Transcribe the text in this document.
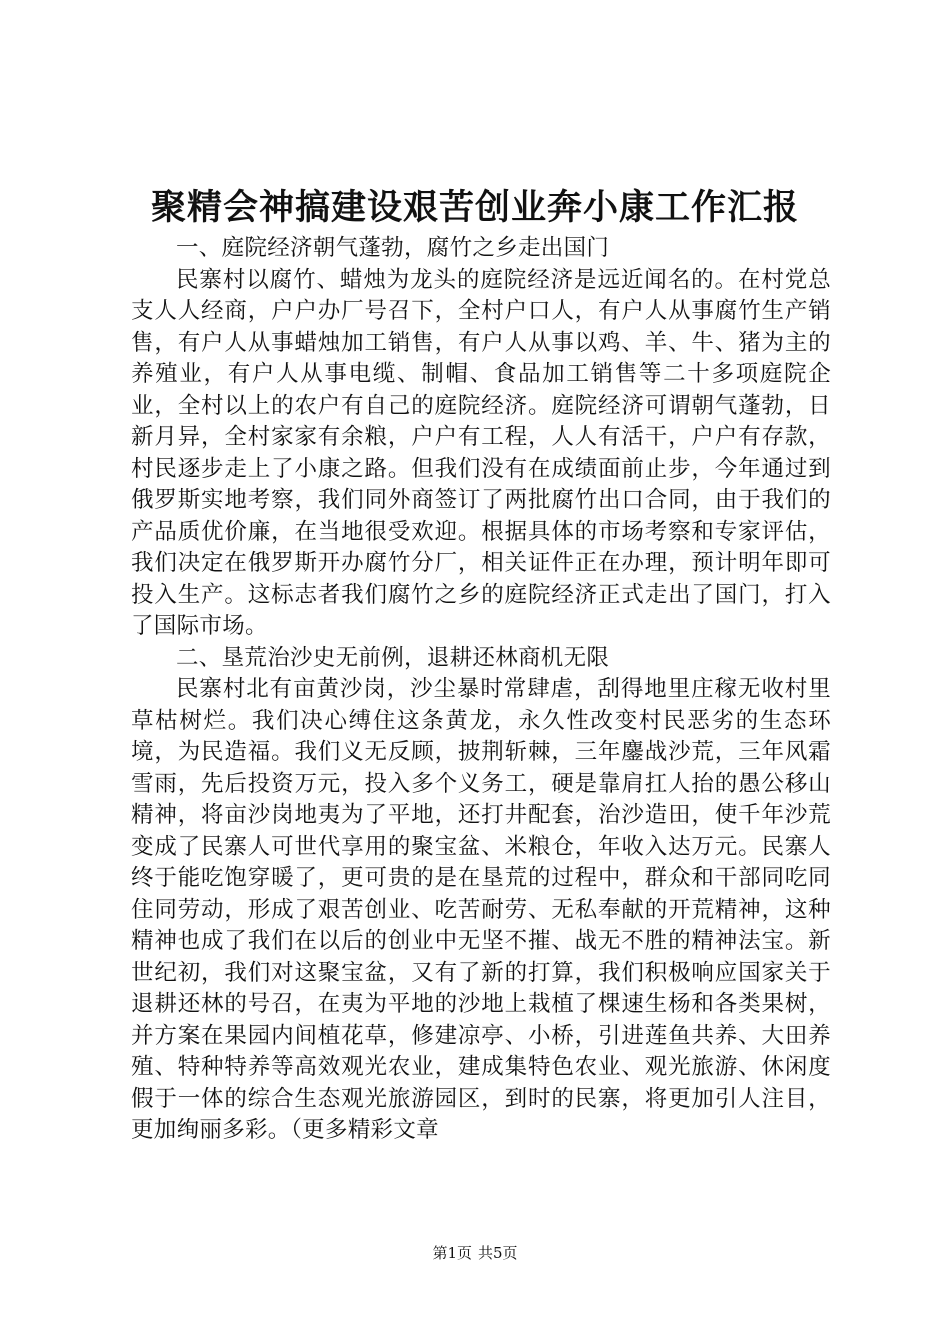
聚精会神搞建设艰苦创业奔小康工作汇报

一、庭院经济朝气蓬勃，腐竹之乡走出国门

民寨村以腐竹、蜡烛为龙头的庭院经济是远近闻名的。在村党总支人人经商，户户办厂号召下，全村户口人，有户人从事腐竹生产销售，有户人从事蜡烛加工销售，有户人从事以鸡、羊、牛、猪为主的养殖业，有户人从事电缆、制帽、食品加工销售等二十多项庭院企业，全村以上的农户有自己的庭院经济。庭院经济可谓朝气蓬勃，日新月异，全村家家有余粮，户户有工程，人人有活干，户户有存款，村民逐步走上了小康之路。但我们没有在成绩面前止步，今年通过到俄罗斯实地考察，我们同外商签订了两批腐竹出口合同，由于我们的产品质优价廉，在当地很受欢迎。根据具体的市场考察和专家评估，我们决定在俄罗斯开办腐竹分厂，相关证件正在办理，预计明年即可投入生产。这标志者我们腐竹之乡的庭院经济正式走出了国门，打入了国际市场。

二、垦荒治沙史无前例，退耕还林商机无限

民寨村北有亩黄沙岗，沙尘暴时常肆虐，刮得地里庄稼无收村里草枯树烂。我们决心缚住这条黄龙，永久性改变村民恶劣的生态环境，为民造福。我们义无反顾，披荆斩棘，三年鏖战沙荒，三年风霜雪雨，先后投资万元，投入多个义务工，硬是靠肩扛人抬的愚公移山精神，将亩沙岗地夷为了平地，还打井配套，治沙造田，使千年沙荒变成了民寨人可世代享用的聚宝盆、米粮仓，年收入达万元。民寨人终于能吃饱穿暖了，更可贵的是在垦荒的过程中，群众和干部同吃同住同劳动，形成了艰苦创业、吃苦耐劳、无私奉献的开荒精神，这种精神也成了我们在以后的创业中无坚不摧、战无不胜的精神法宝。新世纪初，我们对这聚宝盆，又有了新的打算，我们积极响应国家关于退耕还林的号召，在夷为平地的沙地上栽植了棵速生杨和各类果树，并方案在果园内间植花草，修建凉亭、小桥，引进莲鱼共养、大田养殖、特种特养等高效观光农业，建成集特色农业、观光旅游、休闲度假于一体的综合生态观光旅游园区，到时的民寨，将更加引人注目，更加绚丽多彩。（更多精彩文章

第1页 共5页
